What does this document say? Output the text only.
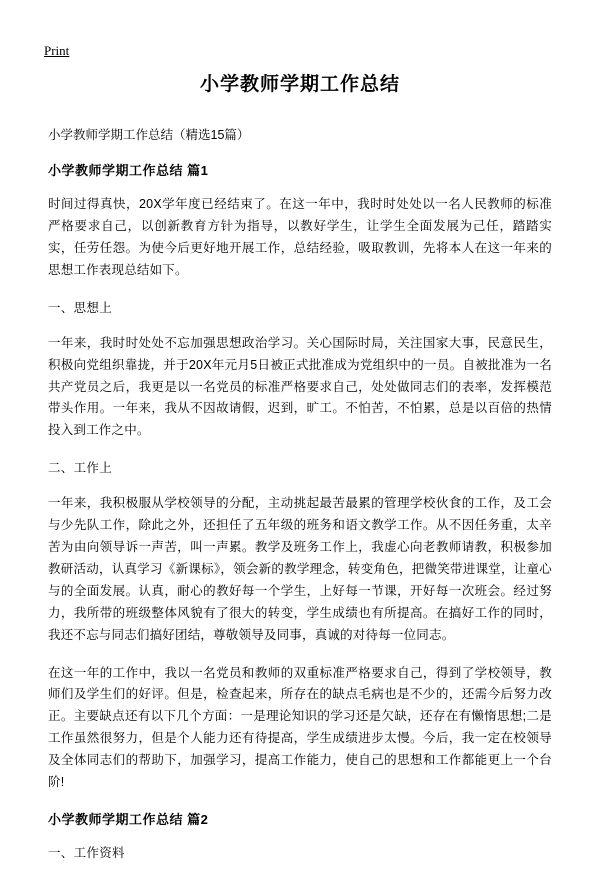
Print
小学教师学期工作总结

小学教师学期工作总结（精选15篇）

小学教师学期工作总结 篇1

时间过得真快，20X学年度已经结束了。在这一年中，我时时处处以一名人民教师的标准严格要求自己，以创新教育方针为指导，以教好学生，让学生全面发展为己任，踏踏实实，任劳任怨。为使今后更好地开展工作，总结经验，吸取教训，先将本人在这一年来的思想工作表现总结如下。

一、思想上

一年来，我时时处处不忘加强思想政治学习。关心国际时局，关注国家大事，民意民生，积极向党组织靠拢，并于20X年元月5日被正式批准成为党组织中的一员。自被批准为一名共产党员之后，我更是以一名党员的标准严格要求自己，处处做同志们的表率，发挥模范带头作用。一年来，我从不因故请假，迟到，旷工。不怕苦，不怕累，总是以百倍的热情投入到工作之中。

二、工作上

一年来，我积极服从学校领导的分配，主动挑起最苦最累的管理学校伙食的工作，及工会与少先队工作，除此之外，还担任了五年级的班务和语文教学工作。从不因任务重，太辛苦为由向领导诉一声苦，叫一声累。教学及班务工作上，我虚心向老教师请教，积极参加教研活动，认真学习《新课标》，领会新的教学理念，转变角色，把微笑带进课堂，让童心与的全面发展。认真，耐心的教好每一个学生，上好每一节课，开好每一次班会。经过努力，我所带的班级整体风貌有了很大的转变，学生成绩也有所提高。在搞好工作的同时，我还不忘与同志们搞好团结，尊敬领导及同事，真诚的对待每一位同志。

在这一年的工作中，我以一名党员和教师的双重标准严格要求自己，得到了学校领导，教师们及学生们的好评。但是，检查起来，所存在的缺点毛病也是不少的，还需今后努力改正。主要缺点还有以下几个方面：一是理论知识的学习还是欠缺，还存在有懒惰思想;二是工作虽然很努力，但是个人能力还有待提高，学生成绩进步太慢。今后，我一定在校领导及全体同志们的帮助下，加强学习，提高工作能力，使自己的思想和工作都能更上一个台阶!

小学教师学期工作总结 篇2

一、工作资料
